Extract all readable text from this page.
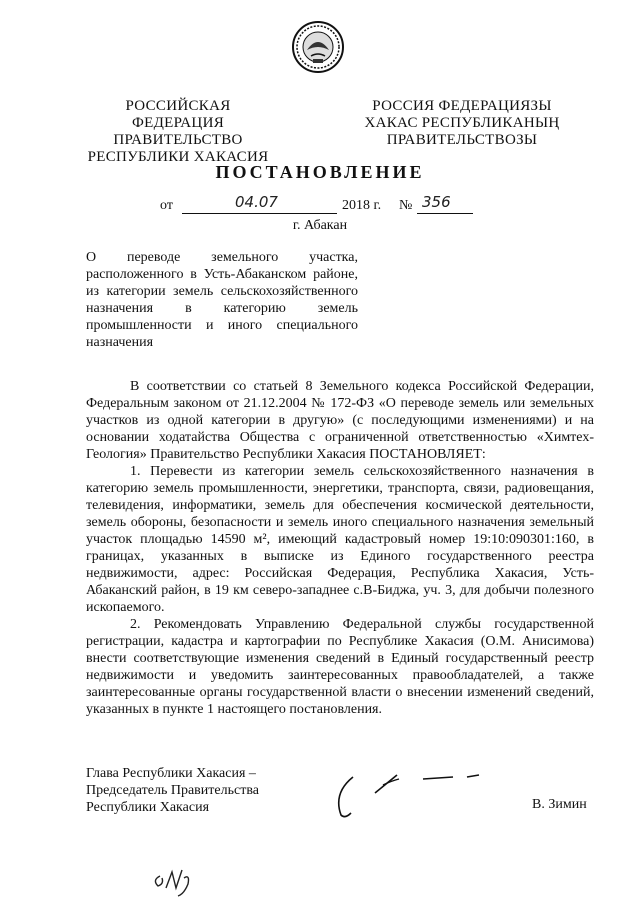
РОССИЙСКАЯ ФЕДЕРАЦИЯ
ПРАВИТЕЛЬСТВО
РЕСПУБЛИКИ ХАКАСИЯ
РОССИЯ ФЕДЕРАЦИЯЗЫ
ХАКАС РЕСПУБЛИКАНЫҢ
ПРАВИТЕЛЬСТВОЗЫ
ПОСТАНОВЛЕНИЕ
от	04.07	2018 г. № 356
г. Абакан
О переводе земельного участка, расположенного в Усть-Абаканском районе, из категории земель сельскохозяйственного назначения в категорию земель промышленности и иного специального
назначения

В соответствии со статьей 8 Земельного кодекса Российской Федерации, Федеральным законом от 21.12.2004 № 172-ФЗ «О переводе земель или земельных участков из одной категории в другую» (с последующими изменениями) и на основании ходатайства Общества с ограниченной ответственностью «Химтех-Геология» Правительство Республики Хакасия ПОСТАНОВЛЯЕТ:

1. Перевести из категории земель сельскохозяйственного назначения в категорию земель промышленности, энергетики, транспорта, связи, радиовещания, телевидения, информатики, земель для обеспечения космической деятельности, земель обороны, безопасности и земель иного специального назначения земельный участок площадью 14590 м², имеющий кадастровый номер 19:10:090301:160, в границах, указанных в выписке из Единого государственного реестра недвижимости, адрес: Российская Федерация, Республика Хакасия, Усть-Абаканский район, в 19 км северо-западнее с.В-Биджа, уч. 3, для добычи полезного ископаемого.

2. Рекомендовать Управлению Федеральной службы государственной регистрации, кадастра и картографии по Республике Хакасия (О.М. Анисимова) внести соответствующие изменения сведений в Единый государственный реестр недвижимости и уведомить заинтересованных правообладателей, а также заинтересованные органы государственной власти о внесении изменений сведений, указанных в пункте 1 настоящего постановления.

Глава Республики Хакасия –
Председатель Правительства
Республики Хакасия	В. Зимин
